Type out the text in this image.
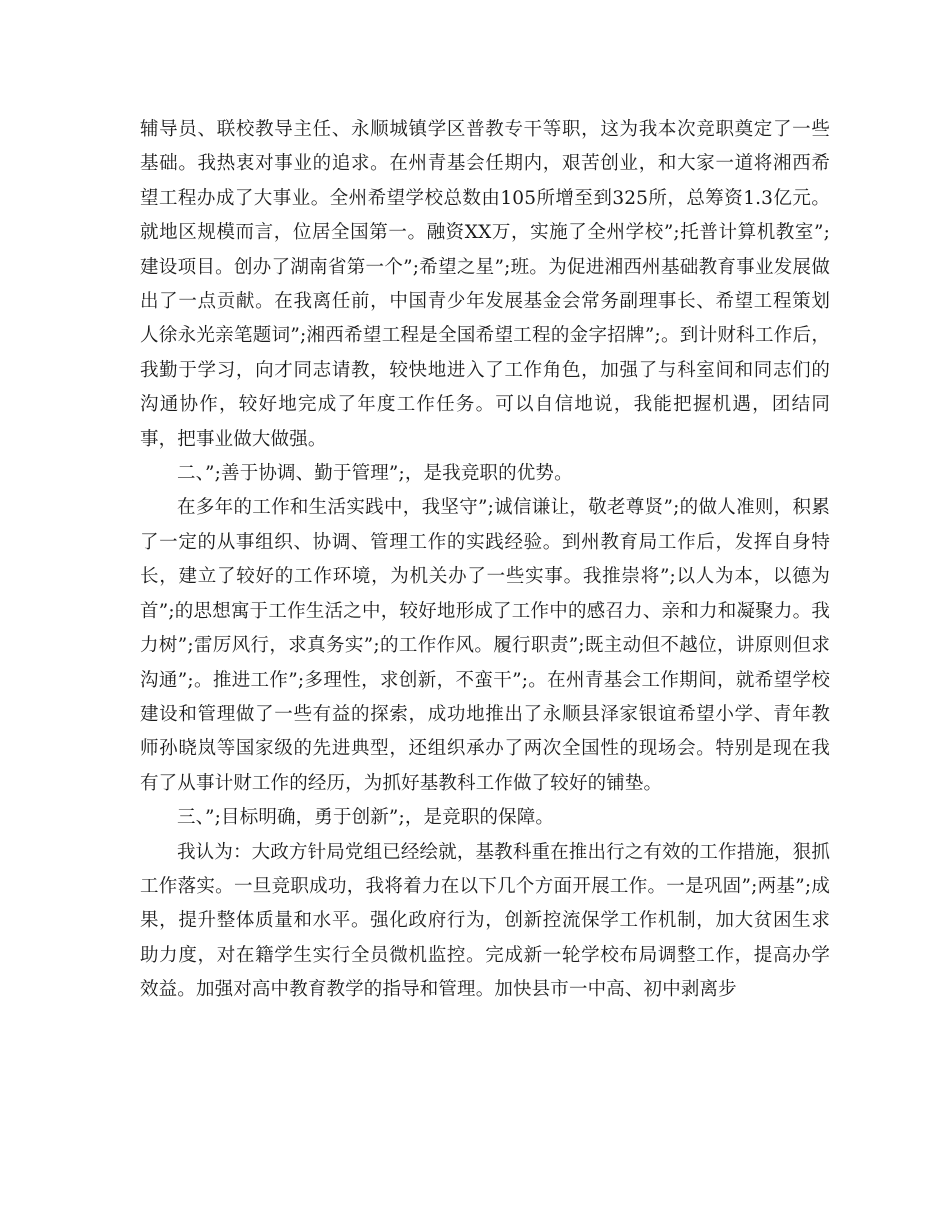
辅导员、联校教导主任、永顺城镇学区普教专干等职，这为我本次竞职奠定了一些基础。我热衷对事业的追求。在州青基会任期内，艰苦创业，和大家一道将湘西希望工程办成了大事业。全州希望学校总数由105所增至到325所，总筹资1.3亿元。就地区规模而言，位居全国第一。融资XX万，实施了全州学校”;托普计算机教室”;建设项目。创办了湖南省第一个”;希望之星”;班。为促进湘西州基础教育事业发展做出了一点贡献。在我离任前，中国青少年发展基金会常务副理事长、希望工程策划人徐永光亲笔题词”;湘西希望工程是全国希望工程的金字招牌”;。到计财科工作后，我勤于学习，向才同志请教，较快地进入了工作角色，加强了与科室间和同志们的沟通协作，较好地完成了年度工作任务。可以自信地说，我能把握机遇，团结同事，把事业做大做强。

二、”;善于协调、勤于管理”;，是我竞职的优势。

在多年的工作和生活实践中，我坚守”;诚信谦让，敬老尊贤”;的做人准则，积累了一定的从事组织、协调、管理工作的实践经验。到州教育局工作后，发挥自身特长，建立了较好的工作环境，为机关办了一些实事。我推崇将”;以人为本，以德为首”;的思想寓于工作生活之中，较好地形成了工作中的感召力、亲和力和凝聚力。我力树”;雷厉风行，求真务实”;的工作作风。履行职责”;既主动但不越位，讲原则但求沟通”;。推进工作”;多理性，求创新，不蛮干”;。在州青基会工作期间，就希望学校建设和管理做了一些有益的探索，成功地推出了永顺县泽家银谊希望小学、青年教师孙晓岚等国家级的先进典型，还组织承办了两次全国性的现场会。特别是现在我有了从事计财工作的经历，为抓好基教科工作做了较好的铺垫。

三、”;目标明确，勇于创新”;，是竞职的保障。

我认为：大政方针局党组已经绘就，基教科重在推出行之有效的工作措施，狠抓工作落实。一旦竞职成功，我将着力在以下几个方面开展工作。一是巩固”;两基”;成果，提升整体质量和水平。强化政府行为，创新控流保学工作机制，加大贫困生求助力度，对在籍学生实行全员微机监控。完成新一轮学校布局调整工作，提高办学效益。加强对高中教育教学的指导和管理。加快县市一中高、初中剥离步
